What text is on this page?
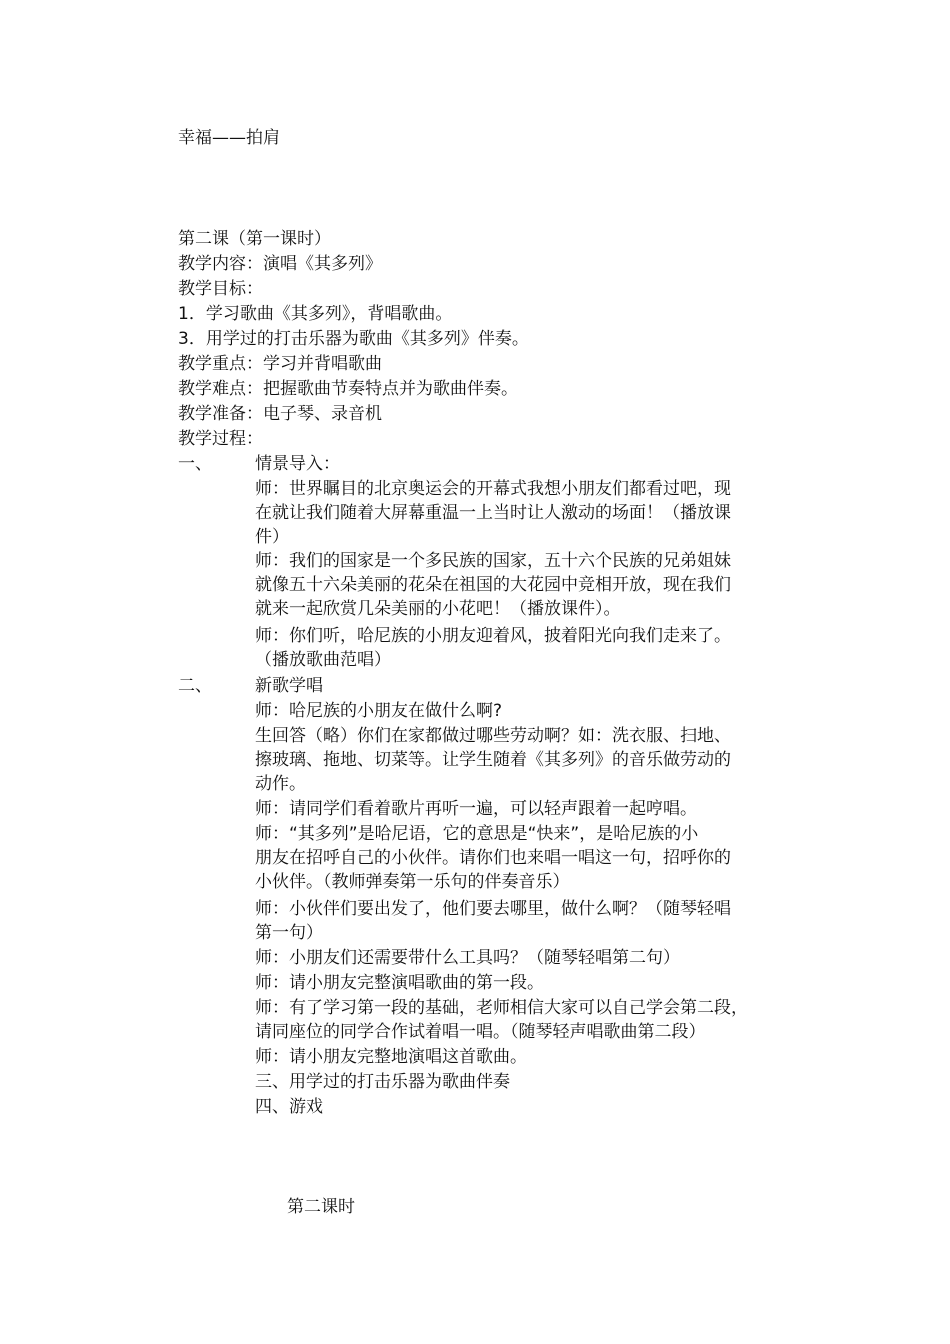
幸福——拍肩
第二课（第一课时）
教学内容：演唱《其多列》
教学目标：
1．学习歌曲《其多列》，背唱歌曲。
3．用学过的打击乐器为歌曲《其多列》伴奏。
教学重点：学习并背唱歌曲
教学难点：把握歌曲节奏特点并为歌曲伴奏。
教学准备：电子琴、录音机
教学过程：
一、	情景导入：
师：世界瞩目的北京奥运会的开幕式我想小朋友们都看过吧，现
在就让我们随着大屏幕重温一上当时让人激动的场面！（播放课
件）
师：我们的国家是一个多民族的国家，五十六个民族的兄弟姐妹
就像五十六朵美丽的花朵在祖国的大花园中竞相开放，现在我们
就来一起欣赏几朵美丽的小花吧！（播放课件）。
师：你们听，哈尼族的小朋友迎着风，披着阳光向我们走来了。
（播放歌曲范唱）
二、	新歌学唱
师：哈尼族的小朋友在做什么啊?
生回答（略）你们在家都做过哪些劳动啊？如：洗衣服、扫地、
擦玻璃、拖地、切菜等。让学生随着《其多列》的音乐做劳动的
动作。
师：请同学们看着歌片再听一遍，可以轻声跟着一起哼唱。
师：“其多列”是哈尼语，它的意思是“快来”，是哈尼族的小
朋友在招呼自己的小伙伴。请你们也来唱一唱这一句，招呼你的
小伙伴。（教师弹奏第一乐句的伴奏音乐）
师：小伙伴们要出发了，他们要去哪里，做什么啊？（随琴轻唱
第一句）
师：小朋友们还需要带什么工具吗？（随琴轻唱第二句）
师：请小朋友完整演唱歌曲的第一段。
师：有了学习第一段的基础，老师相信大家可以自己学会第二段，
请同座位的同学合作试着唱一唱。（随琴轻声唱歌曲第二段）
师：请小朋友完整地演唱这首歌曲。
三、用学过的打击乐器为歌曲伴奏
四、游戏
第二课时
